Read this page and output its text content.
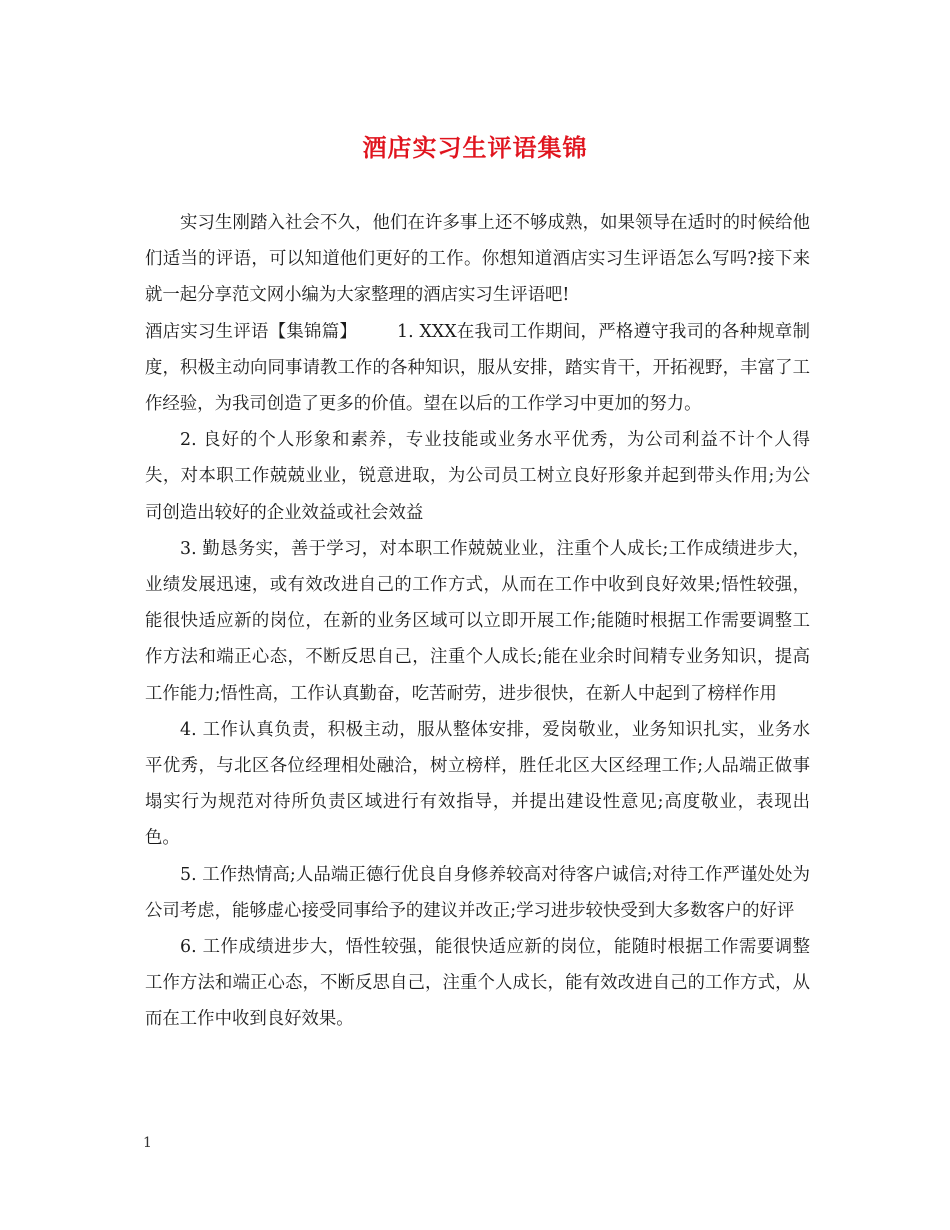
酒店实习生评语集锦

实习生刚踏入社会不久，他们在许多事上还不够成熟，如果领导在适时的时候给他们适当的评语，可以知道他们更好的工作。你想知道酒店实习生评语怎么写吗?接下来就一起分享范文网小编为大家整理的酒店实习生评语吧!

酒店实习生评语【集锦篇】 1. XXX在我司工作期间，严格遵守我司的各种规章制度，积极主动向同事请教工作的各种知识，服从安排，踏实肯干，开拓视野，丰富了工作经验，为我司创造了更多的价值。望在以后的工作学习中更加的努力。

2. 良好的个人形象和素养，专业技能或业务水平优秀，为公司利益不计个人得失，对本职工作兢兢业业，锐意进取，为公司员工树立良好形象并起到带头作用;为公司创造出较好的企业效益或社会效益

3. 勤恳务实，善于学习，对本职工作兢兢业业，注重个人成长;工作成绩进步大，业绩发展迅速，或有效改进自己的工作方式，从而在工作中收到良好效果;悟性较强，能很快适应新的岗位，在新的业务区域可以立即开展工作;能随时根据工作需要调整工作方法和端正心态，不断反思自己，注重个人成长;能在业余时间精专业务知识，提高工作能力;悟性高，工作认真勤奋，吃苦耐劳，进步很快，在新人中起到了榜样作用

4. 工作认真负责，积极主动，服从整体安排，爱岗敬业，业务知识扎实，业务水平优秀，与北区各位经理相处融洽，树立榜样，胜任北区大区经理工作;人品端正做事塌实行为规范对待所负责区域进行有效指导，并提出建设性意见;高度敬业，表现出色。

5. 工作热情高;人品端正德行优良自身修养较高对待客户诚信;对待工作严谨处处为公司考虑，能够虚心接受同事给予的建议并改正;学习进步较快受到大多数客户的好评

6. 工作成绩进步大，悟性较强，能很快适应新的岗位，能随时根据工作需要调整工作方法和端正心态，不断反思自己，注重个人成长，能有效改进自己的工作方式，从而在工作中收到良好效果。

1
